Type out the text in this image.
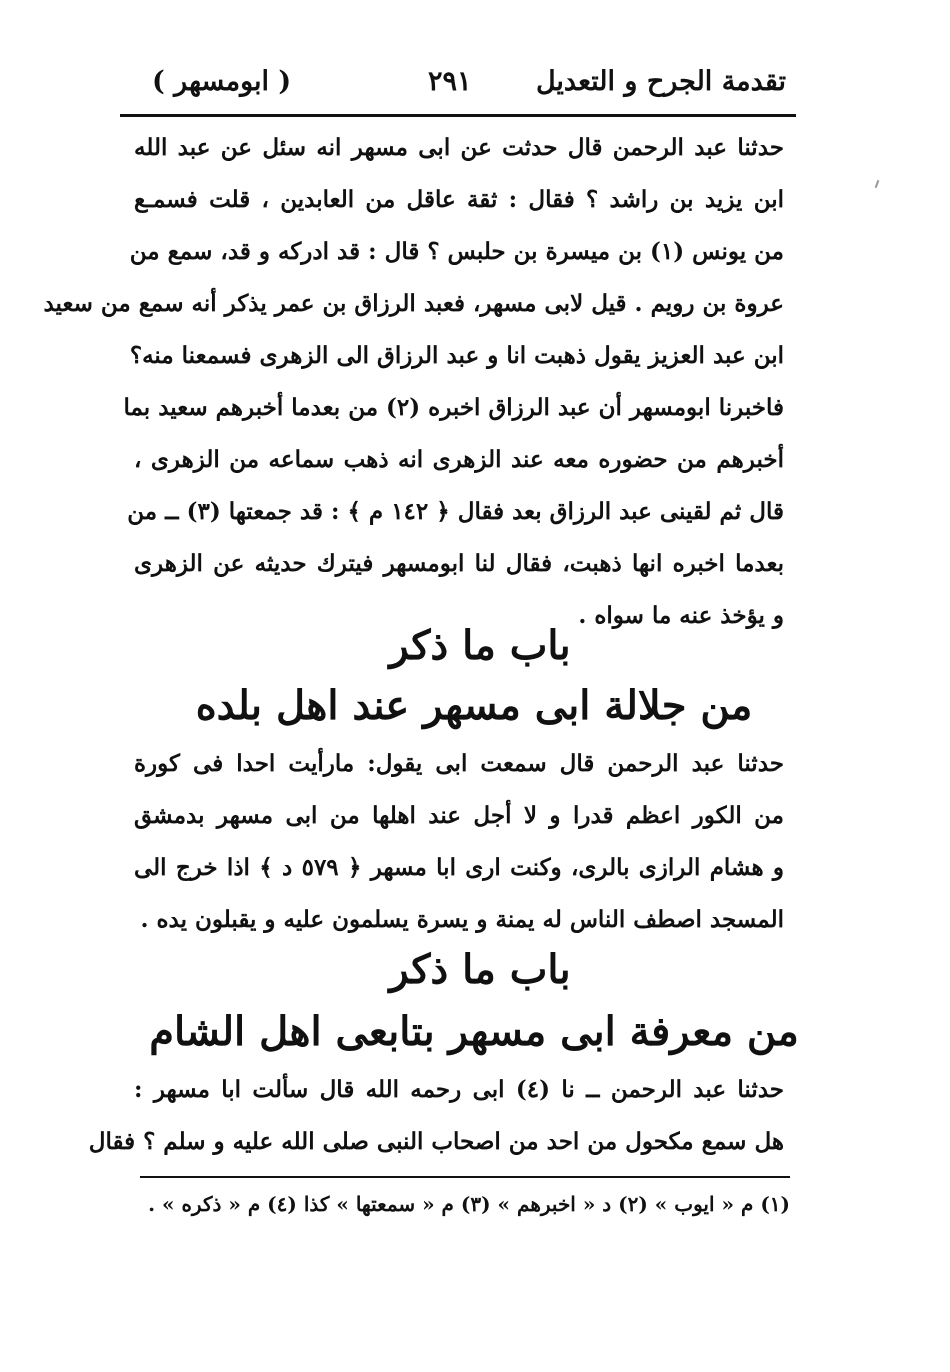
تقدمة الجرح و التعديل
٢٩١
( ابومسهر )
حدثنا عبد الرحمن قال حدثت عن ابى مسهر انه سئل عن عبد الله
ابن يزيد بن راشد ؟ فقال : ثقة عاقل من العابدين ، قلت فسمـع
من يونس (١) بن ميسرة بن حلبس ؟ قال : قد ادركه و قد، سمع من
عروة بن رويم . قيل لابى مسهر، فعبد الرزاق بن عمر يذكر أنه سمع من سعيد
ابن عبد العزيز يقول ذهبت انا و عبد الرزاق الى الزهرى فسمعنا منه؟
فاخبرنا ابومسهر أن عبد الرزاق اخبره (٢) من بعدما أخبرهم سعيد بما
أخبرهم من حضوره معه عند الزهرى انه ذهب سماعه من الزهرى ،
قال ثم لقينى عبد الرزاق بعد فقال ﴿ ١٤٢ م ﴾ : قد جمعتها (٣) ــ من
بعدما اخبره انها ذهبت، فقال لنا ابومسهر فيترك حديثه عن الزهرى
و يؤخذ عنه ما سواه .
باب ما ذكر
من جلالة ابى مسهر عند اهل بلده
حدثنا عبد الرحمن قال سمعت ابى يقول: مارأيت احدا فى كورة
من الكور اعظم قدرا و لا أجل عند اهلها من ابى مسهر بدمشق
و هشام الرازى بالرى، وكنت ارى ابا مسهر ﴿ ٥٧٩ د ﴾ اذا خرج الى
المسجد اصطف الناس له يمنة و يسرة يسلمون عليه و يقبلون يده .
باب ما ذكر
من معرفة ابى مسهر بتابعى اهل الشام
حدثنا عبد الرحمن ــ نا (٤) ابى رحمه الله قال سألت ابا مسهر :
هل سمع مكحول من احد من اصحاب النبى صلى الله عليه و سلم ؟ فقال
(١) م « ايوب » (٢) د « اخبرهم » (٣) م « سمعتها » كذا (٤) م « ذكره » .
